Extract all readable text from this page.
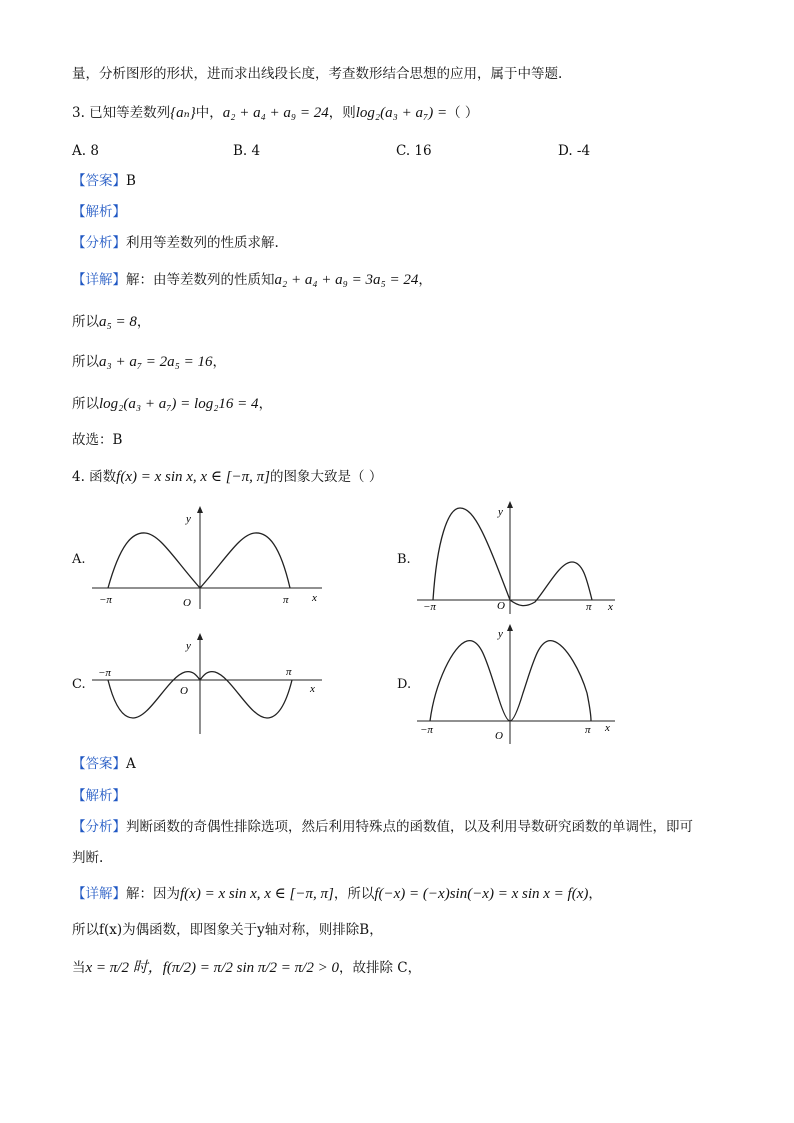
量，分析图形的形状，进而求出线段长度，考查数形结合思想的应用，属于中等题.
3. 已知等差数列{aₙ}中，a₂ + a₄ + a₉ = 24，则log₂(a₃ + a₇) =（ ）
A. 8	B. 4	C. 16	D. -4
【答案】B
【解析】
【分析】利用等差数列的性质求解.
【详解】解：由等差数列的性质知a₂ + a₄ + a₉ = 3a₅ = 24，
所以a₅ = 8，
所以a₃ + a₇ = 2a₅ = 16，
所以log₂(a₃ + a₇) = log₂16 = 4，
故选：B
4. 函数f(x) = x sin x, x ∈ [−π, π]的图象大致是（ ）
A.	B.
C.	D.
y
x
O
−π	π
y
x
O
−π	π
y
x
O
−π	π
y
x
O
−π	π
【答案】A
【解析】
【分析】判断函数的奇偶性排除选项，然后利用特殊点的函数值，以及利用导数研究函数的单调性，即可
判断.
【详解】解：因为f(x) = x sin x, x ∈ [−π, π]，所以f(−x) = (−x)sin(−x) = x sin x = f(x)，
所以f(x)为偶函数，即图象关于y轴对称，则排除B，
当x = π/2 时，f(π/2) = π/2 sin π/2 = π/2 > 0，故排除 C，
